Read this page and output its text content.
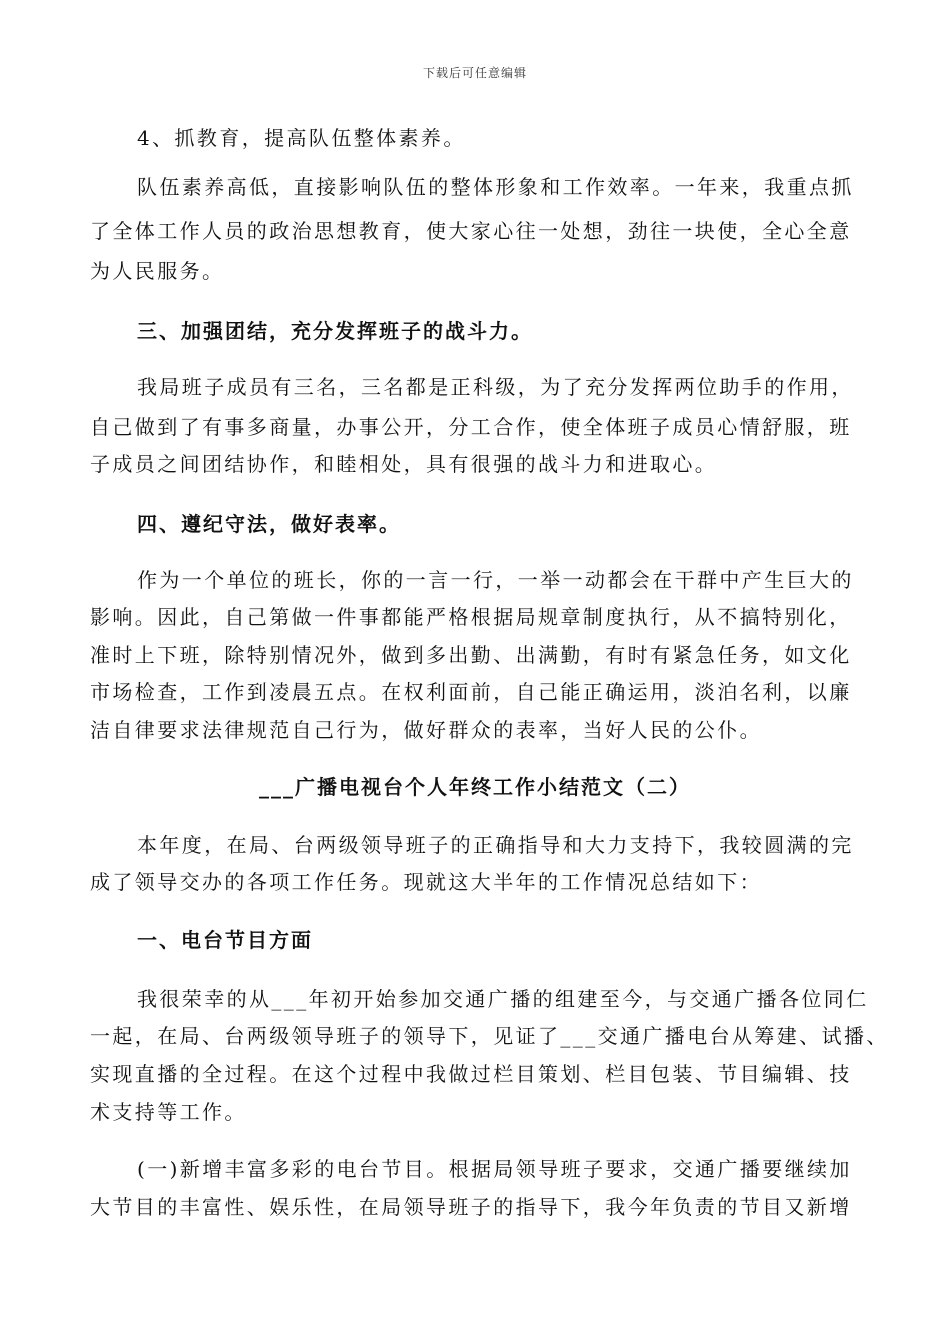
下载后可任意编辑
4、抓教育，提高队伍整体素养。
队伍素养高低，直接影响队伍的整体形象和工作效率。一年来，我重点抓
了全体工作人员的政治思想教育，使大家心往一处想，劲往一块使，全心全意
为人民服务。
三、加强团结，充分发挥班子的战斗力。
我局班子成员有三名，三名都是正科级，为了充分发挥两位助手的作用，
自己做到了有事多商量，办事公开，分工合作，使全体班子成员心情舒服，班
子成员之间团结协作，和睦相处，具有很强的战斗力和进取心。
四、遵纪守法，做好表率。
作为一个单位的班长，你的一言一行，一举一动都会在干群中产生巨大的
影响。因此，自己第做一件事都能严格根据局规章制度执行，从不搞特别化，
准时上下班，除特别情况外，做到多出勤、出满勤，有时有紧急任务，如文化
市场检查，工作到凌晨五点。在权利面前，自己能正确运用，淡泊名利，以廉
洁自律要求法律规范自己行为，做好群众的表率，当好人民的公仆。
___广播电视台个人年终工作小结范文（二）
本年度，在局、台两级领导班子的正确指导和大力支持下，我较圆满的完
成了领导交办的各项工作任务。现就这大半年的工作情况总结如下：
一、电台节目方面
我很荣幸的从___年初开始参加交通广播的组建至今，与交通广播各位同仁
一起，在局、台两级领导班子的领导下，见证了___交通广播电台从筹建、试播、
实现直播的全过程。在这个过程中我做过栏目策划、栏目包装、节目编辑、技
术支持等工作。
(一)新增丰富多彩的电台节目。根据局领导班子要求，交通广播要继续加
大节目的丰富性、娱乐性，在局领导班子的指导下，我今年负责的节目又新增
